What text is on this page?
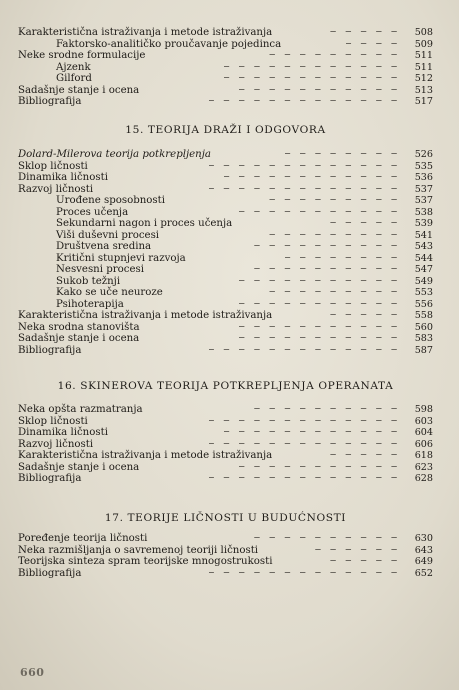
— — — — —
Karakteristična istraživanja i metode istraživanja	508
— — — —
Faktorsko-analitičko proučavanje pojedinca	509
— — — — — — — — —
Neke srodne formulacije	511
— — — — — — — — — — — —
Ajzenk	511
— — — — — — — — — — — —
Gilford	512
— — — — — — — — — — —
Sadašnje stanje i ocena	513
— — — — — — — — — — — — —
Bibliografija	517
15. TEORIJA DRAŽI I ODGOVORA
— — — — — — — —
Dolard-Milerova teorija potkrepljenja	526
— — — — — — — — — — — — —
Sklop ličnosti	535
— — — — — — — — — — — —
Dinamika ličnosti	536
— — — — — — — — — — — — —
Razvoj ličnosti	537
— — — — — — — — —
Urođene sposobnosti	537
— — — — — — — — — — —
Proces učenja	538
— — — — —
Sekundarni nagon i proces učenja	539
— — — — — — — — —
Viši duševni procesi	541
— — — — — — — — — —
Društvena sredina	543
— — — — — — — —
Kritični stupnjevi razvoja	544
— — — — — — — — — —
Nesvesni procesi	547
— — — — — — — — — — —
Sukob težnji	549
— — — — — — — — —
Kako se uče neuroze	553
— — — — — — — — — — —
Psihoterapija	556
— — — — —
Karakteristična istraživanja i metode istraživanja	558
— — — — — — — — — — —
Neka srodna stanovišta	560
— — — — — — — — — — —
Sadašnje stanje i ocena	583
— — — — — — — — — — — — —
Bibliografija	587
16. SKINEROVA TEORIJA POTKREPLJENJA OPERANATA
— — — — — — — — — —
Neka opšta razmatranja	598
— — — — — — — — — — — — —
Sklop ličnosti	603
— — — — — — — — — — — —
Dinamika ličnosti	604
— — — — — — — — — — — — —
Razvoj ličnosti	606
— — — — —
Karakteristična istraživanja i metode istraživanja	618
— — — — — — — — — — —
Sadašnje stanje i ocena	623
— — — — — — — — — — — — —
Bibliografija	628
17. TEORIJE LIČNOSTI U BUDUĆNOSTI
— — — — — — — — — —
Poređenje teorija ličnosti	630
— — — — — —
Neka razmišljanja o savremenoj teoriji ličnosti	643
— — — — —
Teorijska sinteza spram teorijske mnogostrukosti	649
— — — — — — — — — — — — —
Bibliografija	652
660
